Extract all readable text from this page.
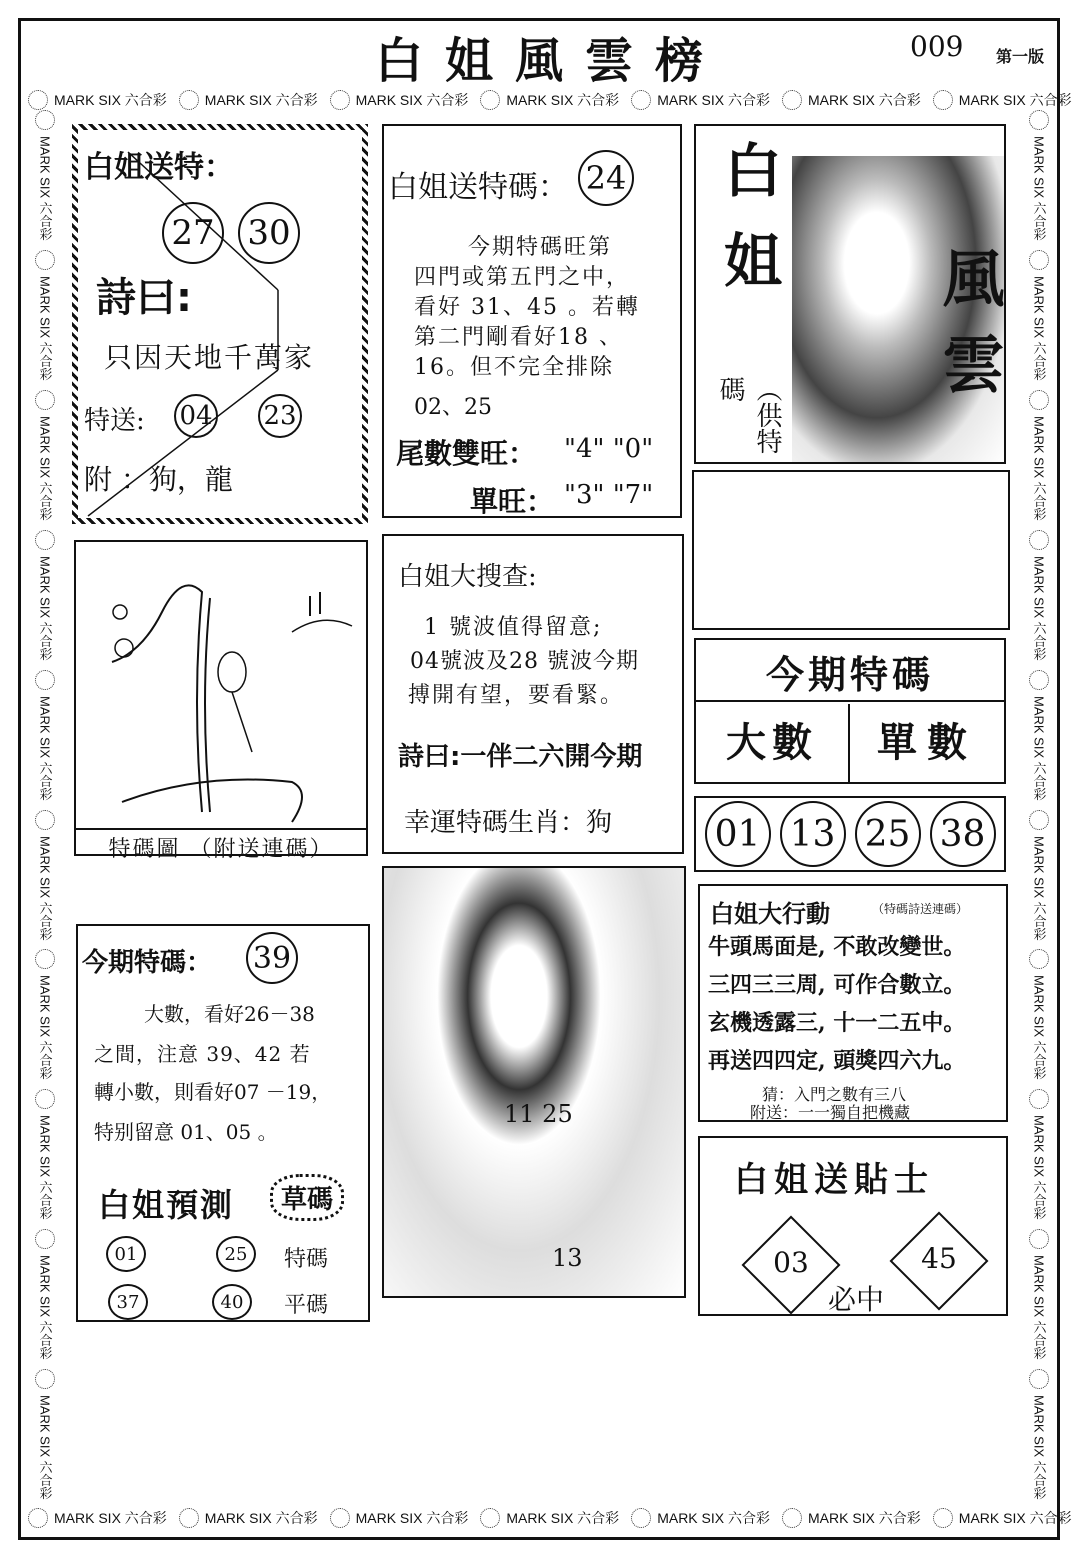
白姐風雲榜	009 第一版
MARK SIX 六合彩	MARK SIX 六合彩	MARK SIX 六合彩	MARK SIX 六合彩	MARK SIX 六合彩	MARK SIX 六合彩	MARK SIX 六合彩
MARK SIX 六合彩	MARK SIX 六合彩	MARK SIX 六合彩	MARK SIX 六合彩	MARK SIX 六合彩	MARK SIX 六合彩	MARK SIX 六合彩
MARK SIX 六合彩
MARK SIX 六合彩
MARK SIX 六合彩
MARK SIX 六合彩
MARK SIX 六合彩
MARK SIX 六合彩
MARK SIX 六合彩
MARK SIX 六合彩
MARK SIX 六合彩
MARK SIX 六合彩
MARK SIX 六合彩
MARK SIX 六合彩
MARK SIX 六合彩
MARK SIX 六合彩
MARK SIX 六合彩
MARK SIX 六合彩
MARK SIX 六合彩
MARK SIX 六合彩
MARK SIX 六合彩
MARK SIX 六合彩
白姐送特：
27 30
詩曰:
只因天地千萬家
特送: 04 23
附 ：狗，龍
白姐送特碼： 24
今期特碼旺第
四門或第五門之中，
看好 31、45 。若轉
第二門剛看好18 、
16。但不完全排除
02、25
尾數雙旺： "4" "0"
單旺： "3" "7"
白姐
風雲
（供特碼
特碼圖 （附送連碼）
白姐大搜查:
1 號波值得留意;
04號波及28 號波今期
搏開有望，要看緊。
詩曰:一伴二六開今期
幸運特碼生肖：狗
今期特碼
大數	單數
01 13 25 38
今期特碼： 39
大數，看好26－38
之間，注意 39、42 若
轉小數，則看好07 －19，
特别留意 01、05 。
白姐預測	草碼
01	25	特碼
37	40	平碼
11 25
13
白姐大行動	（特碼詩送連碼）
牛頭馬面是, 不敢改變世。
三四三三周, 可作合數立。
玄機透露三, 十一二五中。
再送四四定, 頭獎四六九。
猜：入門之數有三八
附送：一一獨自把機藏
白姐送貼士
03	45
必中
